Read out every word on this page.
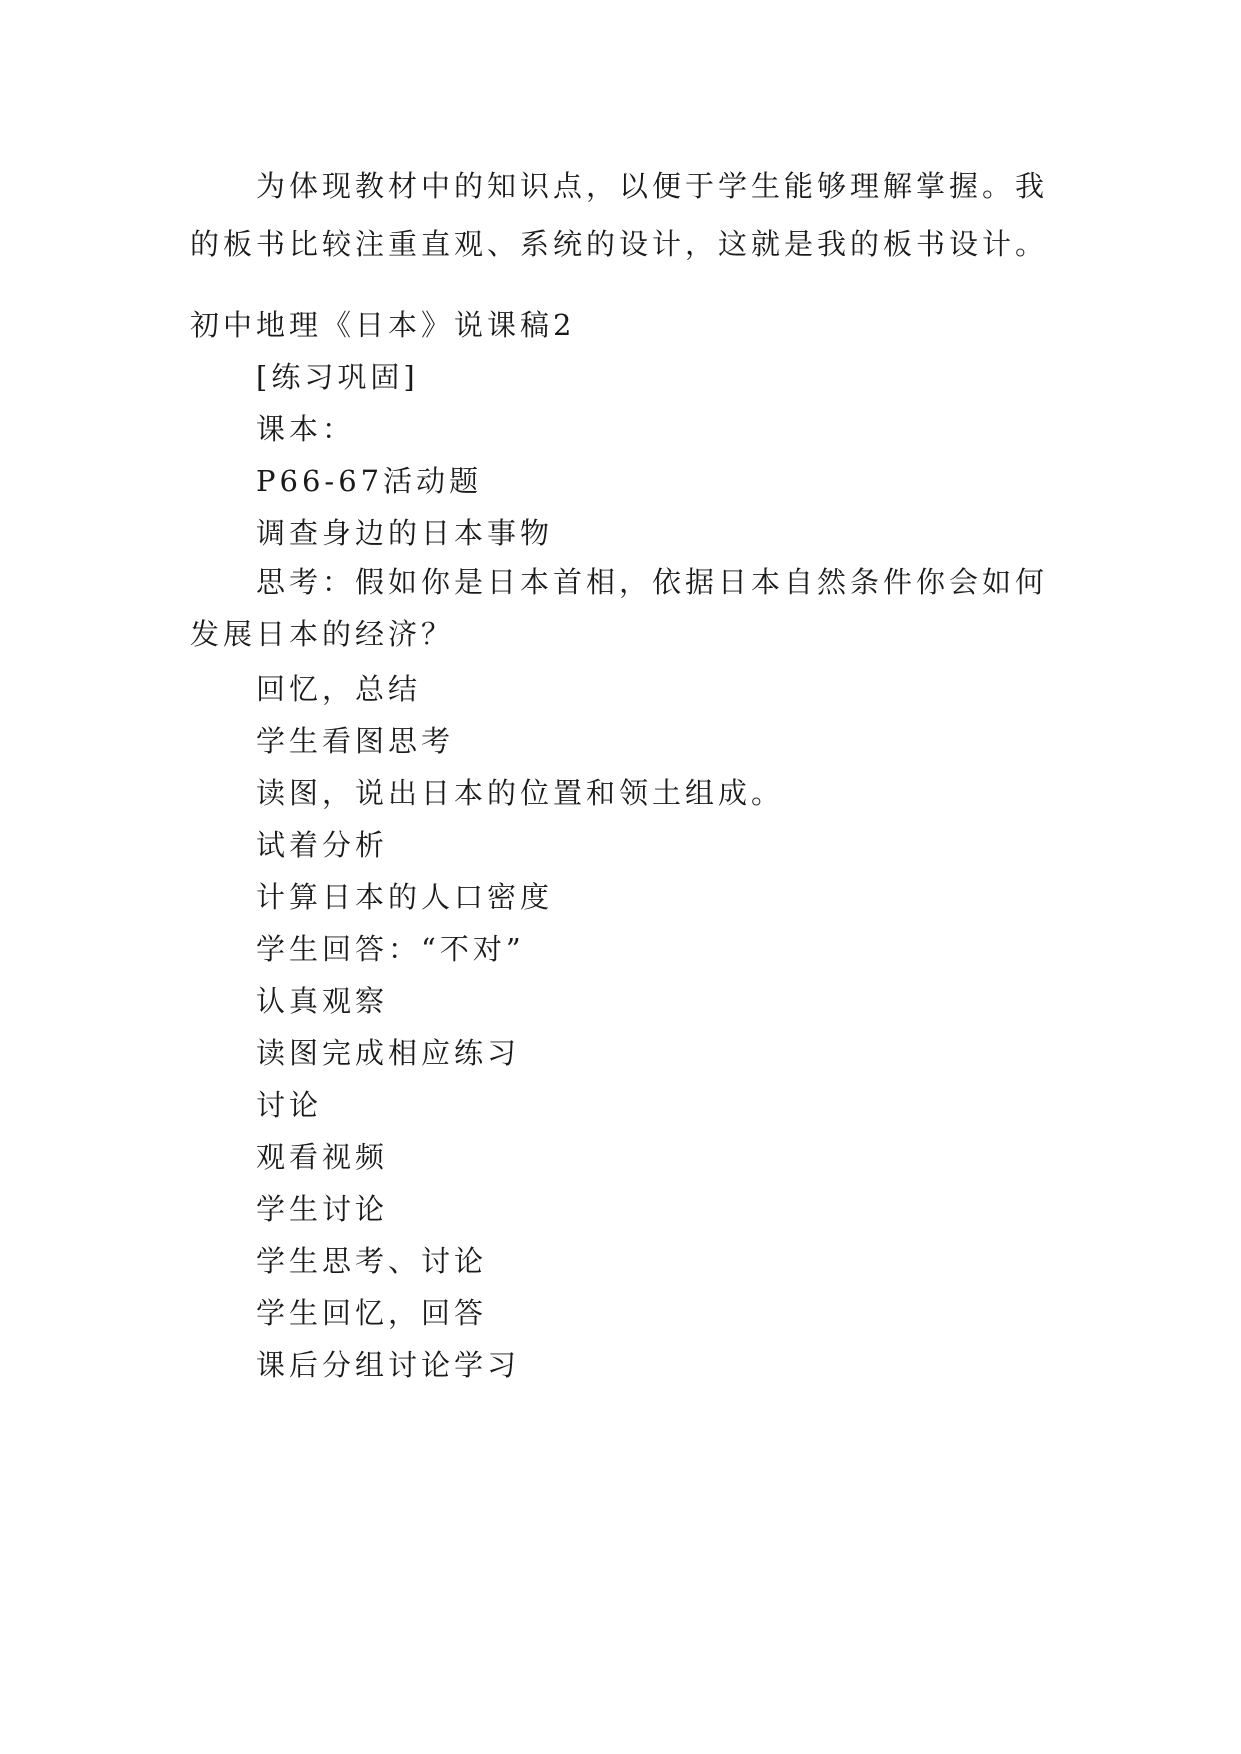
为体现教材中的知识点，以便于学生能够理解掌握。我的板书比较注重直观、系统的设计，这就是我的板书设计。

初中地理《日本》说课稿2

[练习巩固]

课本：

P66-67活动题

调查身边的日本事物

思考：假如你是日本首相，依据日本自然条件你会如何发展日本的经济？

回忆，总结

学生看图思考

读图，说出日本的位置和领土组成。

试着分析

计算日本的人口密度

学生回答：“不对”

认真观察

读图完成相应练习

讨论

观看视频

学生讨论

学生思考、讨论

学生回忆，回答

课后分组讨论学习
